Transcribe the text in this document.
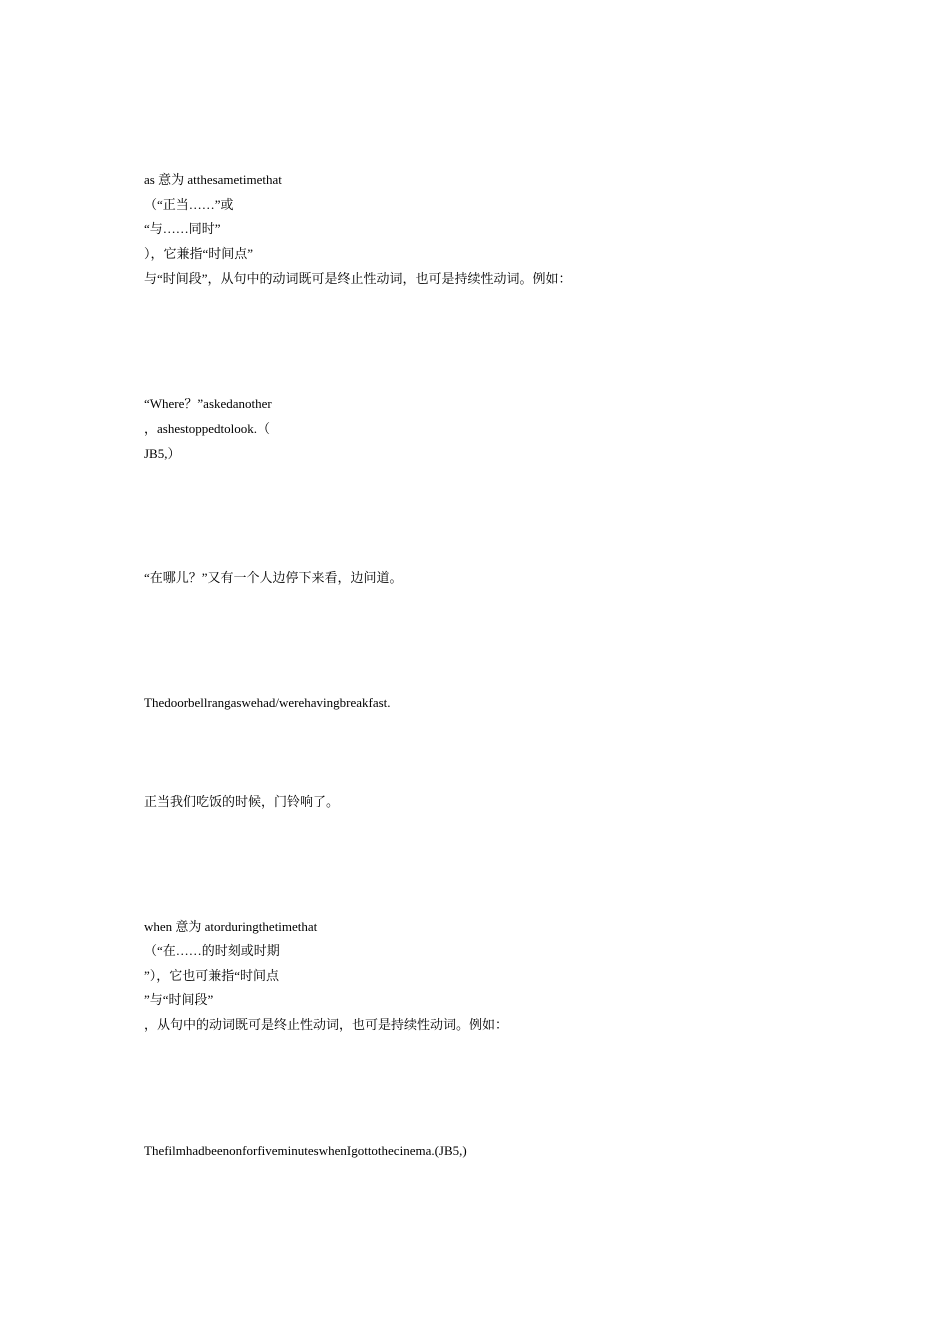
as 意为 atthesametimethat
（“正当……”或
“与……同时”
），它兼指“时间点”
与“时间段”，从句中的动词既可是终止性动词，也可是持续性动词。例如：
“Where？”askedanother
，ashestoppedtolook.（
JB5,）
“在哪儿？”又有一个人边停下来看，边问道。
Thedoorbellrangaswehad/werehavingbreakfast.
正当我们吃饭的时候，门铃响了。
when 意为 atorduringthetimethat
（“在……的时刻或时期
”），它也可兼指“时间点
”与“时间段”
，从句中的动词既可是终止性动词，也可是持续性动词。例如：
ThefilmhadbeenonforfiveminuteswhenIgottothecinema.(JB5,)
